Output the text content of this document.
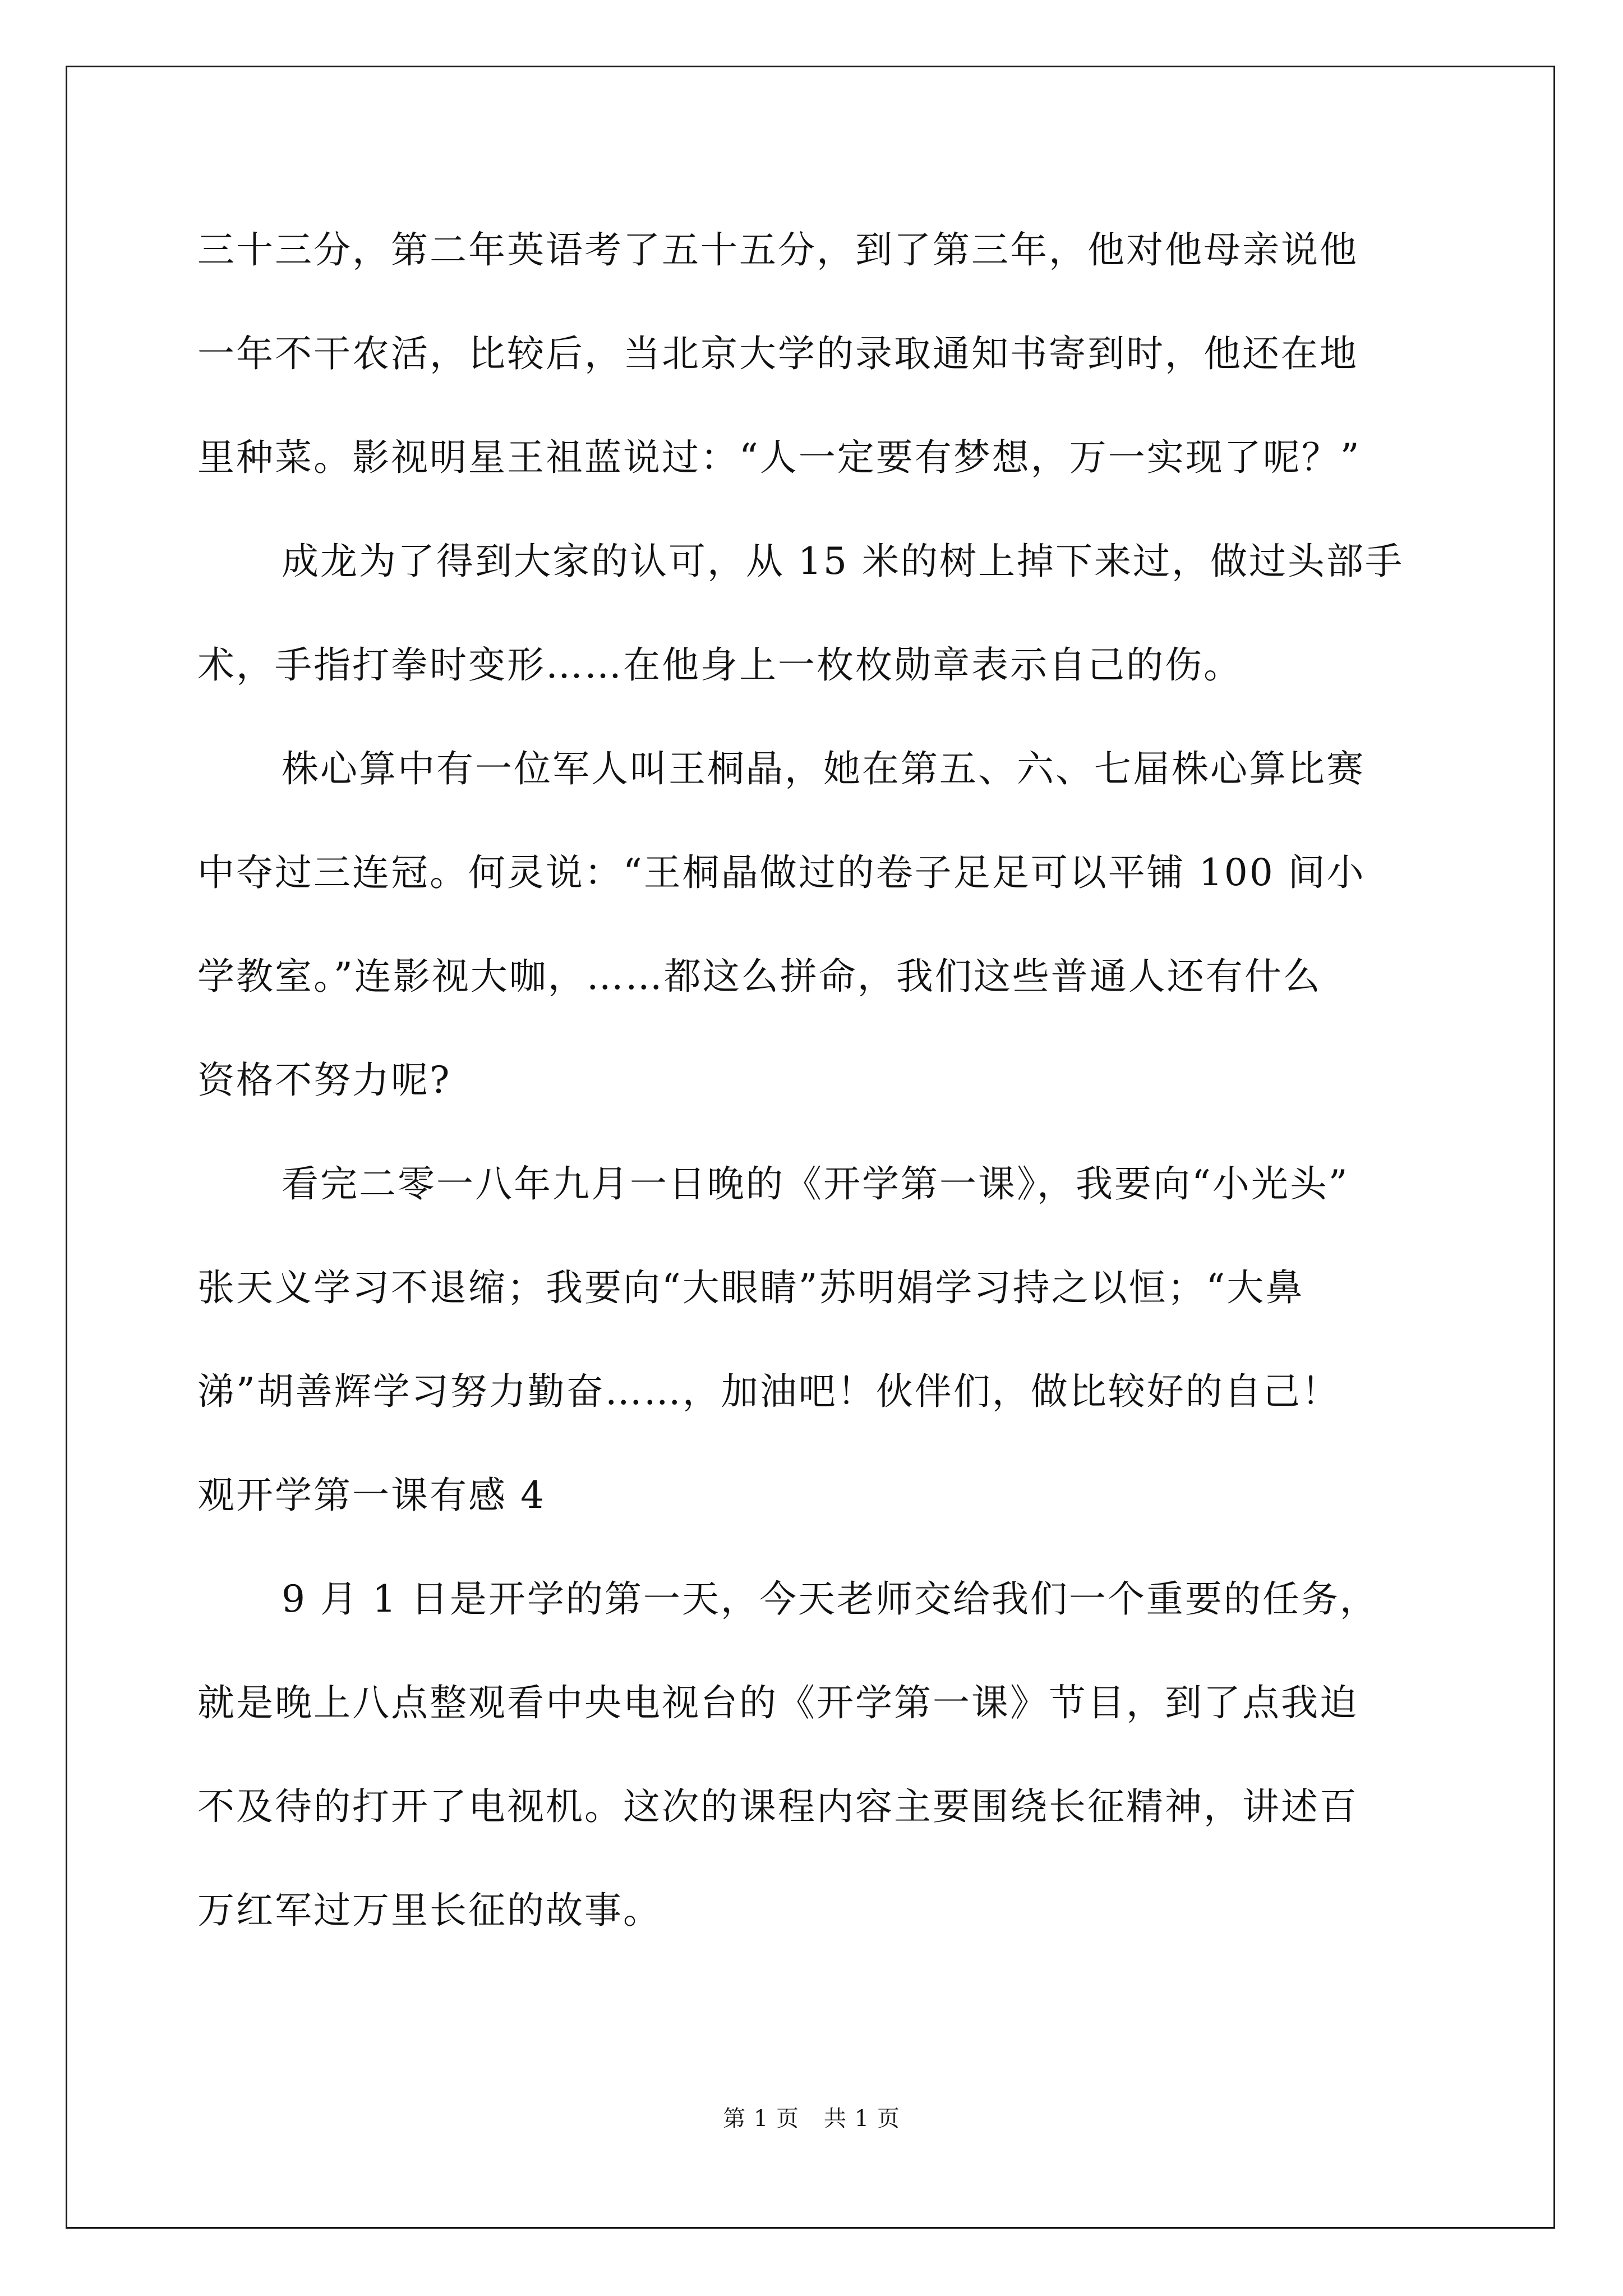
三十三分，第二年英语考了五十五分，到了第三年，他对他母亲说他
一年不干农活，比较后，当北京大学的录取通知书寄到时，他还在地
里种菜。影视明星王祖蓝说过：“人一定要有梦想，万一实现了呢？”
成龙为了得到大家的认可，从 15 米的树上掉下来过，做过头部手
术，手指打拳时变形……在他身上一枚枚勋章表示自己的伤。
株心算中有一位军人叫王桐晶，她在第五、六、七届株心算比赛
中夺过三连冠。何灵说：“王桐晶做过的卷子足足可以平铺 100 间小
学教室。”连影视大咖，……都这么拼命，我们这些普通人还有什么
资格不努力呢?
看完二零一八年九月一日晚的《开学第一课》，我要向“小光头”
张天义学习不退缩；我要向“大眼睛”苏明娟学习持之以恒；“大鼻
涕”胡善辉学习努力勤奋……，加油吧！伙伴们，做比较好的自己！
观开学第一课有感 4
9 月 1 日是开学的第一天，今天老师交给我们一个重要的任务，
就是晚上八点整观看中央电视台的《开学第一课》节目，到了点我迫
不及待的打开了电视机。这次的课程内容主要围绕长征精神，讲述百
万红军过万里长征的故事。
第 1 页 共 1 页
